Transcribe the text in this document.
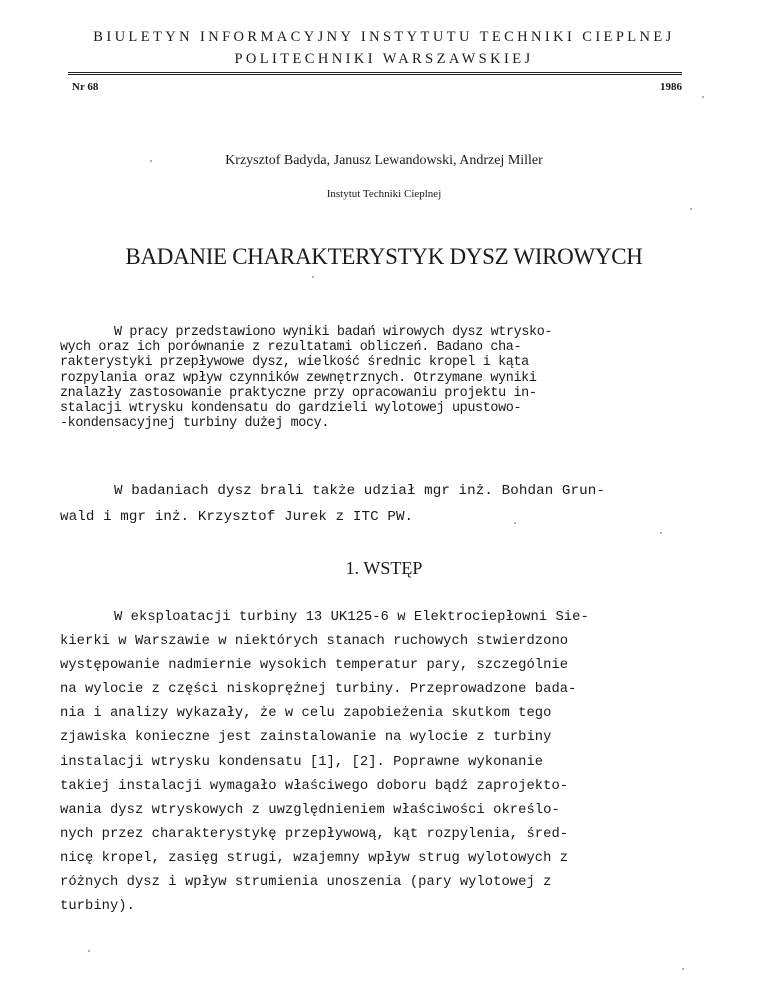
BIULETYN INFORMACYJNY INSTYTUTU TECHNIKI CIEPLNEJ
POLITECHNIKI WARSZAWSKIEJ
Nr 68	1986
Krzysztof Badyda, Janusz Lewandowski, Andrzej Miller
Instytut Techniki Cieplnej
BADANIE CHARAKTERYSTYK DYSZ WIROWYCH
W pracy przedstawiono wyniki badań wirowych dysz wtrysko-
wych oraz ich porównanie z rezultatami obliczeń. Badano cha-
rakterystyki przepływowe dysz, wielkość średnic kropel i kąta
rozpylania oraz wpływ czynników zewnętrznych. Otrzymane wyniki
znalazły zastosowanie praktyczne przy opracowaniu projektu in-
stalacji wtrysku kondensatu do gardzieli wylotowej upustowo-
-kondensacyjnej turbiny dużej mocy.
W badaniach dysz brali także udział mgr inż. Bohdan Grun-
wald i mgr inż. Krzysztof Jurek z ITC PW.
1. WSTĘP
W eksploatacji turbiny 13 UK125-6 w Elektrociepłowni Sie-
kierki w Warszawie w niektórych stanach ruchowych stwierdzono
występowanie nadmiernie wysokich temperatur pary, szczególnie
na wylocie z części niskoprężnej turbiny. Przeprowadzone bada-
nia i analizy wykazały, że w celu zapobieżenia skutkom tego
zjawiska konieczne jest zainstalowanie na wylocie z turbiny
instalacji wtrysku kondensatu [1], [2]. Poprawne wykonanie
takiej instalacji wymagało właściwego doboru bądź zaprojekto-
wania dysz wtryskowych z uwzględnieniem właściwości określo-
nych przez charakterystykę przepływową, kąt rozpylenia, śred-
nicę kropel, zasięg strugi, wzajemny wpływ strug wylotowych z
różnych dysz i wpływ strumienia unoszenia (pary wylotowej z
turbiny).
